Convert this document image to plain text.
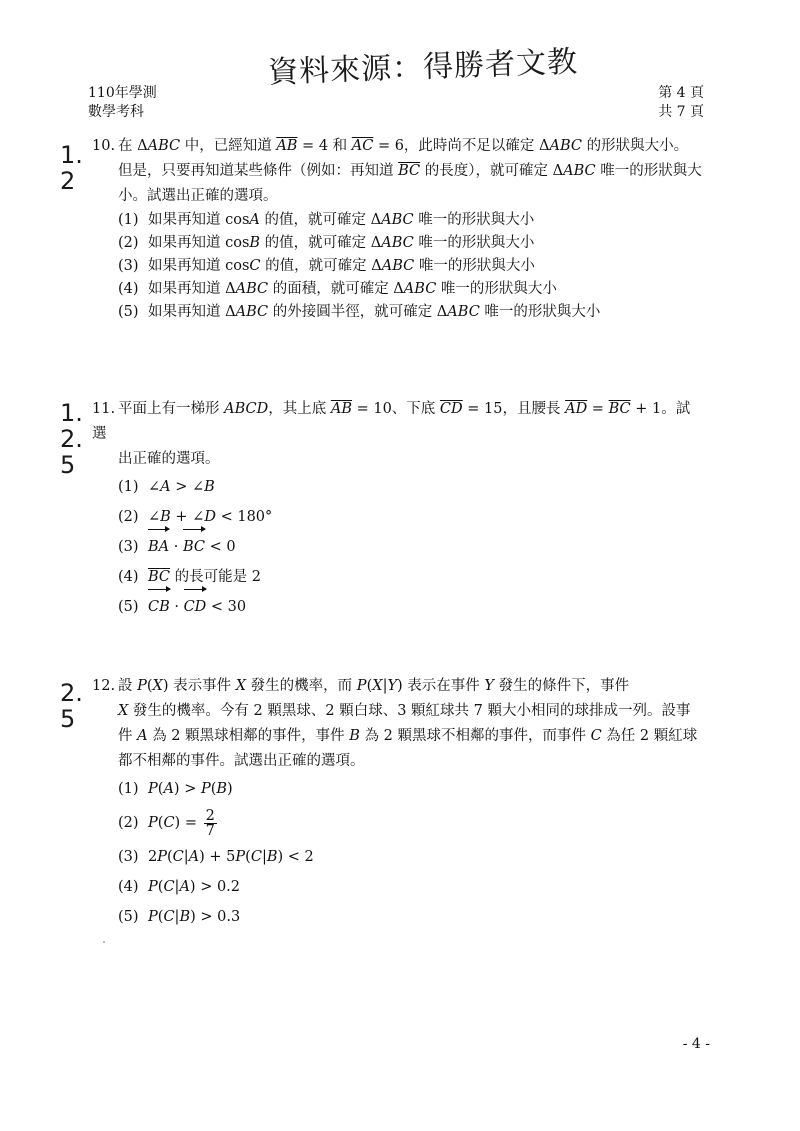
資料來源：得勝者文教
110年學測
數學考科
第 4 頁
共 7 頁
1.
2
1.
2.
5
2.
5
10. 在 ΔABC 中，已經知道 $\overline{AB} = 4$ 和 $\overline{AC} = 6$，此時尚不足以確定 ΔABC 的形狀與大小。
但是，只要再知道某些條件（例如：再知道 $\overline{BC}$ 的長度），就可確定 ΔABC 唯一的形狀與大小。試選出正確的選項。
(1) 如果再知道 cosA 的值，就可確定 ΔABC 唯一的形狀與大小
(2) 如果再知道 cosB 的值，就可確定 ΔABC 唯一的形狀與大小
(3) 如果再知道 cosC 的值，就可確定 ΔABC 唯一的形狀與大小
(4) 如果再知道 ΔABC 的面積，就可確定 ΔABC 唯一的形狀與大小
(5) 如果再知道 ΔABC 的外接圓半徑，就可確定 ΔABC 唯一的形狀與大小
11. 平面上有一梯形 ABCD，其上底 $\overline{AB} = 10$、下底 $\overline{CD} = 15$，且腰長 $\overline{AD} = \overline{BC} + 1$。試選
出正確的選項。
(1) ∠A > ∠B
(2) ∠B + ∠D < 180°
(3) BA · BC < 0
(4) $\overline{BC}$ 的長可能是 2
(5) CB · CD < 30
12. 設 P(X) 表示事件 X 發生的機率，而 P(X|Y) 表示在事件 Y 發生的條件下，事件
X 發生的機率。今有 2 顆黑球、2 顆白球、3 顆紅球共 7 顆大小相同的球排成一列。設事件 A 為 2 顆黑球相鄰的事件，事件 B 為 2 顆黑球不相鄰的事件，而事件 C 為任 2 顆紅球都不相鄰的事件。試選出正確的選項。
(1) P(A) > P(B)
(2) $P(C) = \frac{2}{7}$
(3) 2P(C|A) + 5P(C|B) < 2
(4) P(C|A) > 0.2
(5) P(C|B) > 0.3
- 4 -
